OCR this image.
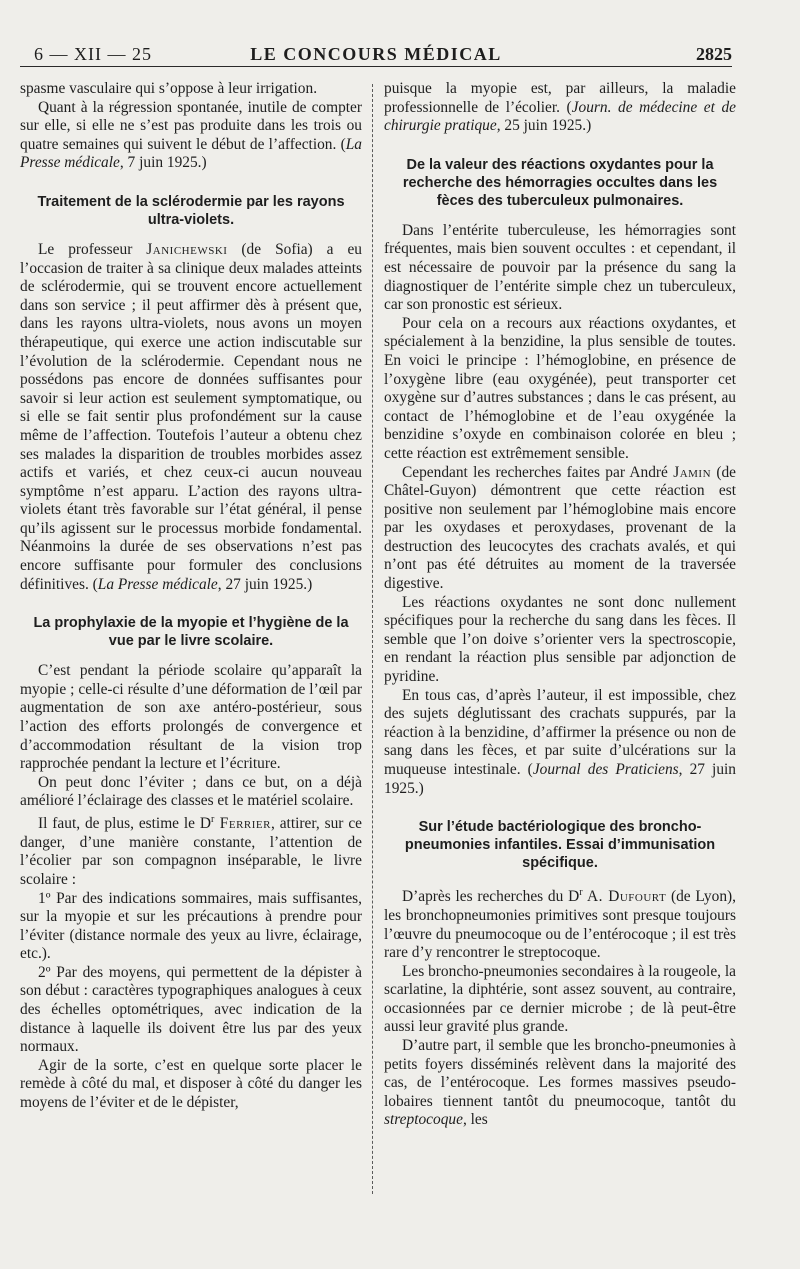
6 — XII — 25	LE CONCOURS MÉDICAL	2825

spasme vasculaire qui s’oppose à leur irrigation.

Quant à la régression spontanée, inutile de compter sur elle, si elle ne s’est pas produite dans les trois ou quatre semaines qui suivent le début de l’affection. (La Presse médicale, 7 juin 1925.)

Traitement de la sclérodermie par les rayons ultra-violets.

Le professeur Janichewski (de Sofia) a eu l’occasion de traiter à sa clinique deux malades atteints de sclérodermie, qui se trouvent encore actuellement dans son service ; il peut affirmer dès à présent que, dans les rayons ultra-violets, nous avons un moyen thérapeutique, qui exerce une action indiscutable sur l’évolution de la sclérodermie. Cependant nous ne possédons pas encore de données suffisantes pour savoir si leur action est seulement symptomatique, ou si elle se fait sentir plus profondément sur la cause même de l’affection. Toutefois l’auteur a obtenu chez ses malades la disparition de troubles morbides assez actifs et variés, et chez ceux-ci aucun nouveau symptôme n’est apparu. L’action des rayons ultra-violets étant très favorable sur l’état général, il pense qu’ils agissent sur le processus morbide fondamental. Néanmoins la durée de ses observations n’est pas encore suffisante pour formuler des conclusions définitives. (La Presse médicale, 27 juin 1925.)

La prophylaxie de la myopie et l’hygiène de la vue par le livre scolaire.

C’est pendant la période scolaire qu’apparaît la myopie ; celle-ci résulte d’une déformation de l’œil par augmentation de son axe antéro-postérieur, sous l’action des efforts prolongés de convergence et d’accommodation résultant de la vision trop rapprochée pendant la lecture et l’écriture.

On peut donc l’éviter ; dans ce but, on a déjà amélioré l’éclairage des classes et le matériel scolaire.

Il faut, de plus, estime le $D^r$ Ferrier, attirer, sur ce danger, d’une manière constante, l’attention de l’écolier par son compagnon inséparable, le livre scolaire :

1º Par des indications sommaires, mais suffisantes, sur la myopie et sur les précautions à prendre pour l’éviter (distance normale des yeux au livre, éclairage, etc.).

2º Par des moyens, qui permettent de la dépister à son début : caractères typographiques analogues à ceux des échelles optométriques, avec indication de la distance à laquelle ils doivent être lus par des yeux normaux.

Agir de la sorte, c’est en quelque sorte placer le remède à côté du mal, et disposer à côté du danger les moyens de l’éviter et de le dépister,

puisque la myopie est, par ailleurs, la maladie professionnelle de l’écolier. (Journ. de médecine et de chirurgie pratique, 25 juin 1925.)

De la valeur des réactions oxydantes pour la recherche des hémorragies occultes dans les fèces des tuberculeux pulmonaires.

Dans l’entérite tuberculeuse, les hémorragies sont fréquentes, mais bien souvent occultes : et cependant, il est nécessaire de pouvoir par la présence du sang la diagnostiquer de l’entérite simple chez un tuberculeux, car son pronostic est sérieux.

Pour cela on a recours aux réactions oxydantes, et spécialement à la benzidine, la plus sensible de toutes. En voici le principe : l’hémoglobine, en présence de l’oxygène libre (eau oxygénée), peut transporter cet oxygène sur d’autres substances ; dans le cas présent, au contact de l’hémoglobine et de l’eau oxygénée la benzidine s’oxyde en combinaison colorée en bleu ; cette réaction est extrêmement sensible.

Cependant les recherches faites par André Jamin (de Châtel-Guyon) démontrent que cette réaction est positive non seulement par l’hémoglobine mais encore par les oxydases et peroxydases, provenant de la destruction des leucocytes des crachats avalés, et qui n’ont pas été détruites au moment de la traversée digestive.

Les réactions oxydantes ne sont donc nullement spécifiques pour la recherche du sang dans les fèces. Il semble que l’on doive s’orienter vers la spectroscopie, en rendant la réaction plus sensible par adjonction de pyridine.

En tous cas, d’après l’auteur, il est impossible, chez des sujets déglutissant des crachats suppurés, par la réaction à la benzidine, d’affirmer la présence ou non de sang dans les fèces, et par suite d’ulcérations sur la muqueuse intestinale. (Journal des Praticiens, 27 juin 1925.)

Sur l’étude bactériologique des broncho-pneumonies infantiles. Essai d’immunisation spécifique.

D’après les recherches du $D^r$ A. Dufourt (de Lyon), les bronchopneumonies primitives sont presque toujours l’œuvre du pneumocoque ou de l’entérocoque ; il est très rare d’y rencontrer le streptocoque.

Les broncho-pneumonies secondaires à la rougeole, la scarlatine, la diphtérie, sont assez souvent, au contraire, occasionnées par ce dernier microbe ; de là peut-être aussi leur gravité plus grande.

D’autre part, il semble que les broncho-pneumonies à petits foyers disséminés relèvent dans la majorité des cas, de l’entérocoque. Les formes massives pseudo-lobaires tiennent tantôt du pneumocoque, tantôt du streptocoque, les
